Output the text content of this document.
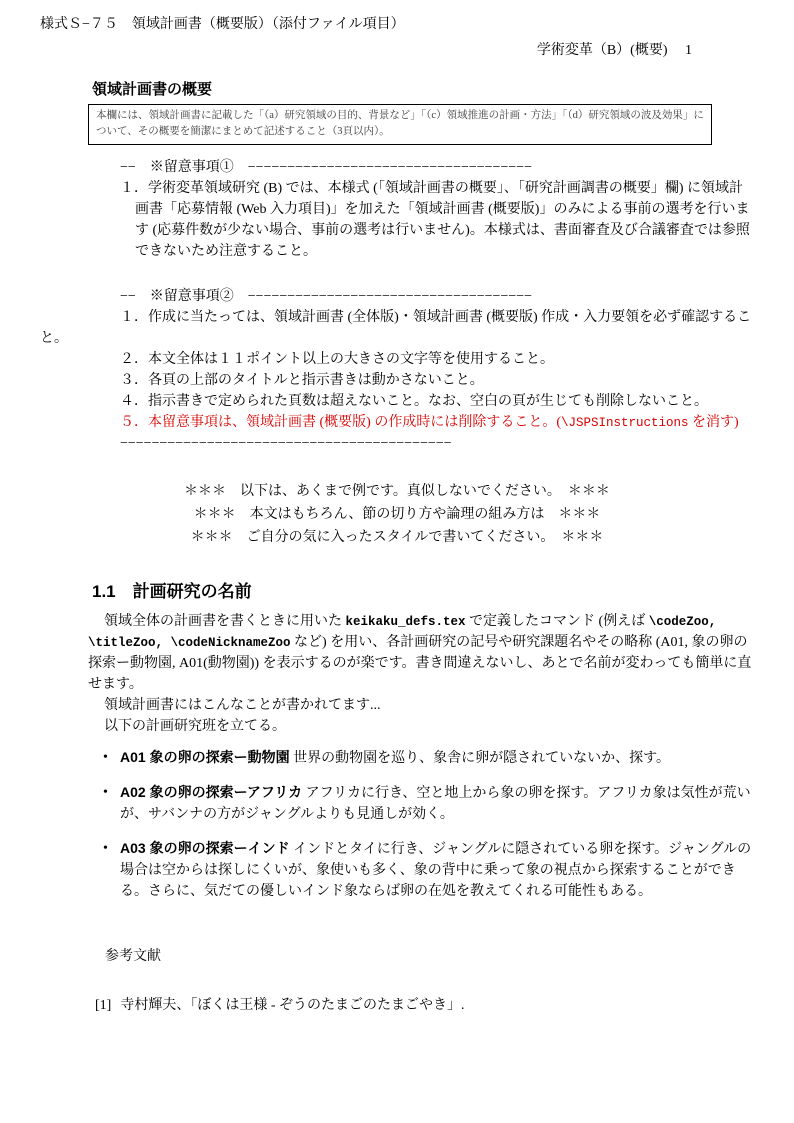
様式Ｓ−７５　領域計画書（概要版）（添付ファイル項目）
学術変革（B）(概要)　 1
領域計画書の概要

本欄には、領域計画書に記載した「（a）研究領域の目的、背景など」「（c）領域推進の計画・方法」「（d）研究領域の波及効果」について、その概要を簡潔にまとめて記述すること（3頁以内）。

−−　※留意事項①　−−−−−−−−−−−−−−−−−−−−−−−−−−−−−−−−−−−−

１．学術変革領域研究 (B) では、本様式 (「領域計画書の概要」、「研究計画調書の概要」欄) に領域計画書「応募情報 (Web 入力項目)」を加えた「領域計画書 (概要版)」のみによる事前の選考を行います (応募件数が少ない場合、事前の選考は行いません)。本様式は、書面審査及び合議審査では参照できないため注意すること。

−−　※留意事項②　−−−−−−−−−−−−−−−−−−−−−−−−−−−−−−−−−−−−

１．作成に当たっては、領域計画書 (全体版)・領域計画書 (概要版) 作成・入力要領を必ず確認すること。

２．本文全体は１１ポイント以上の大きさの文字等を使用すること。

３．各頁の上部のタイトルと指示書きは動かさないこと。

４．指示書きで定められた頁数は超えないこと。なお、空白の頁が生じても削除しないこと。

５．本留意事項は、領域計画書 (概要版) の作成時には削除すること。(\JSPSInstructions を消す)

−−−−−−−−−−−−−−−−−−−−−−−−−−−−−−−−−−−−−−−−−−

＊＊＊　以下は、あくまで例です。真似しないでください。　＊＊＊

＊＊＊　本文はもちろん、節の切り方や論理の組み方は　＊＊＊

＊＊＊　ご自分の気に入ったスタイルで書いてください。　＊＊＊

1.1　計画研究の名前

領域全体の計画書を書くときに用いた keikaku_defs.tex で定義したコマンド (例えば \codeZoo, \titleZoo, \codeNicknameZoo など) を用い、各計画研究の記号や研究課題名やその略称 (A01, 象の卵の探索ー動物園, A01(動物園)) を表示するのが楽です。書き間違えないし、あとで名前が変わっても簡単に直せます。

領域計画書にはこんなことが書かれてます...

以下の計画研究班を立てる。

• A01 象の卵の探索ー動物園 世界の動物園を巡り、象舎に卵が隠されていないか、探す。
• A02 象の卵の探索ーアフリカ アフリカに行き、空と地上から象の卵を探す。アフリカ象は気性が荒いが、サバンナの方がジャングルよりも見通しが効く。
• A03 象の卵の探索ーインド インドとタイに行き、ジャングルに隠されている卵を探す。ジャングルの場合は空からは探しにくいが、象使いも多く、象の背中に乗って象の視点から探索することができる。さらに、気だての優しいインド象ならば卵の在処を教えてくれる可能性もある。

参考文献

[1] 寺村輝夫、「ぼくは王様 - ぞうのたまごのたまごやき」.
